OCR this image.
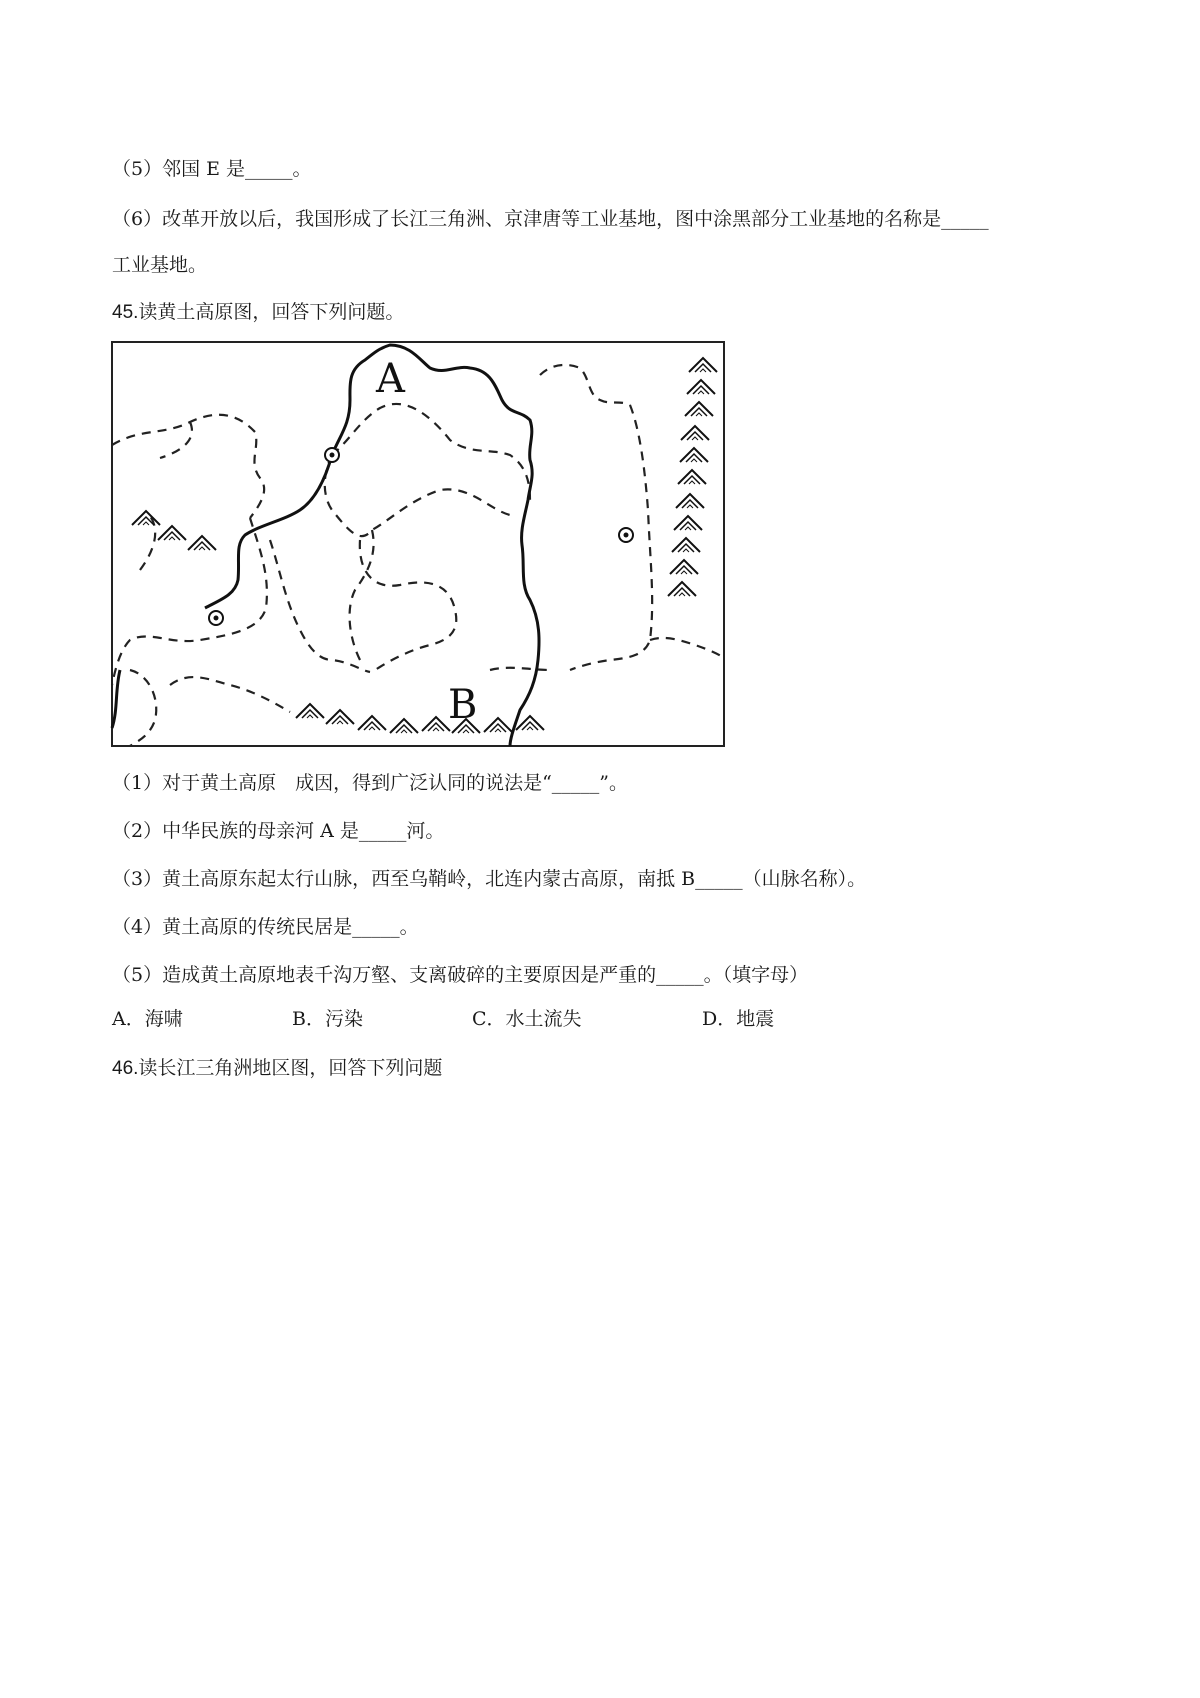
（5）邻国 E 是_____。
（6）改革开放以后，我国形成了长江三角洲、京津唐等工业基地，图中涂黑部分工业基地的名称是_____
工业基地。
45.读黄土高原图，回答下列问题。
A
B
（1）对于黄土高原　成因，得到广泛认同的说法是“_____”。
（2）中华民族的母亲河 A 是_____河。
（3）黄土高原东起太行山脉，西至乌鞘岭，北连内蒙古高原，南抵 B_____（山脉名称）。
（4）黄土高原的传统民居是_____。
（5）造成黄土高原地表千沟万壑、支离破碎的主要原因是严重的_____。（填字母）
A．海啸	B．污染	C．水土流失	D．地震
46.读长江三角洲地区图，回答下列问题
